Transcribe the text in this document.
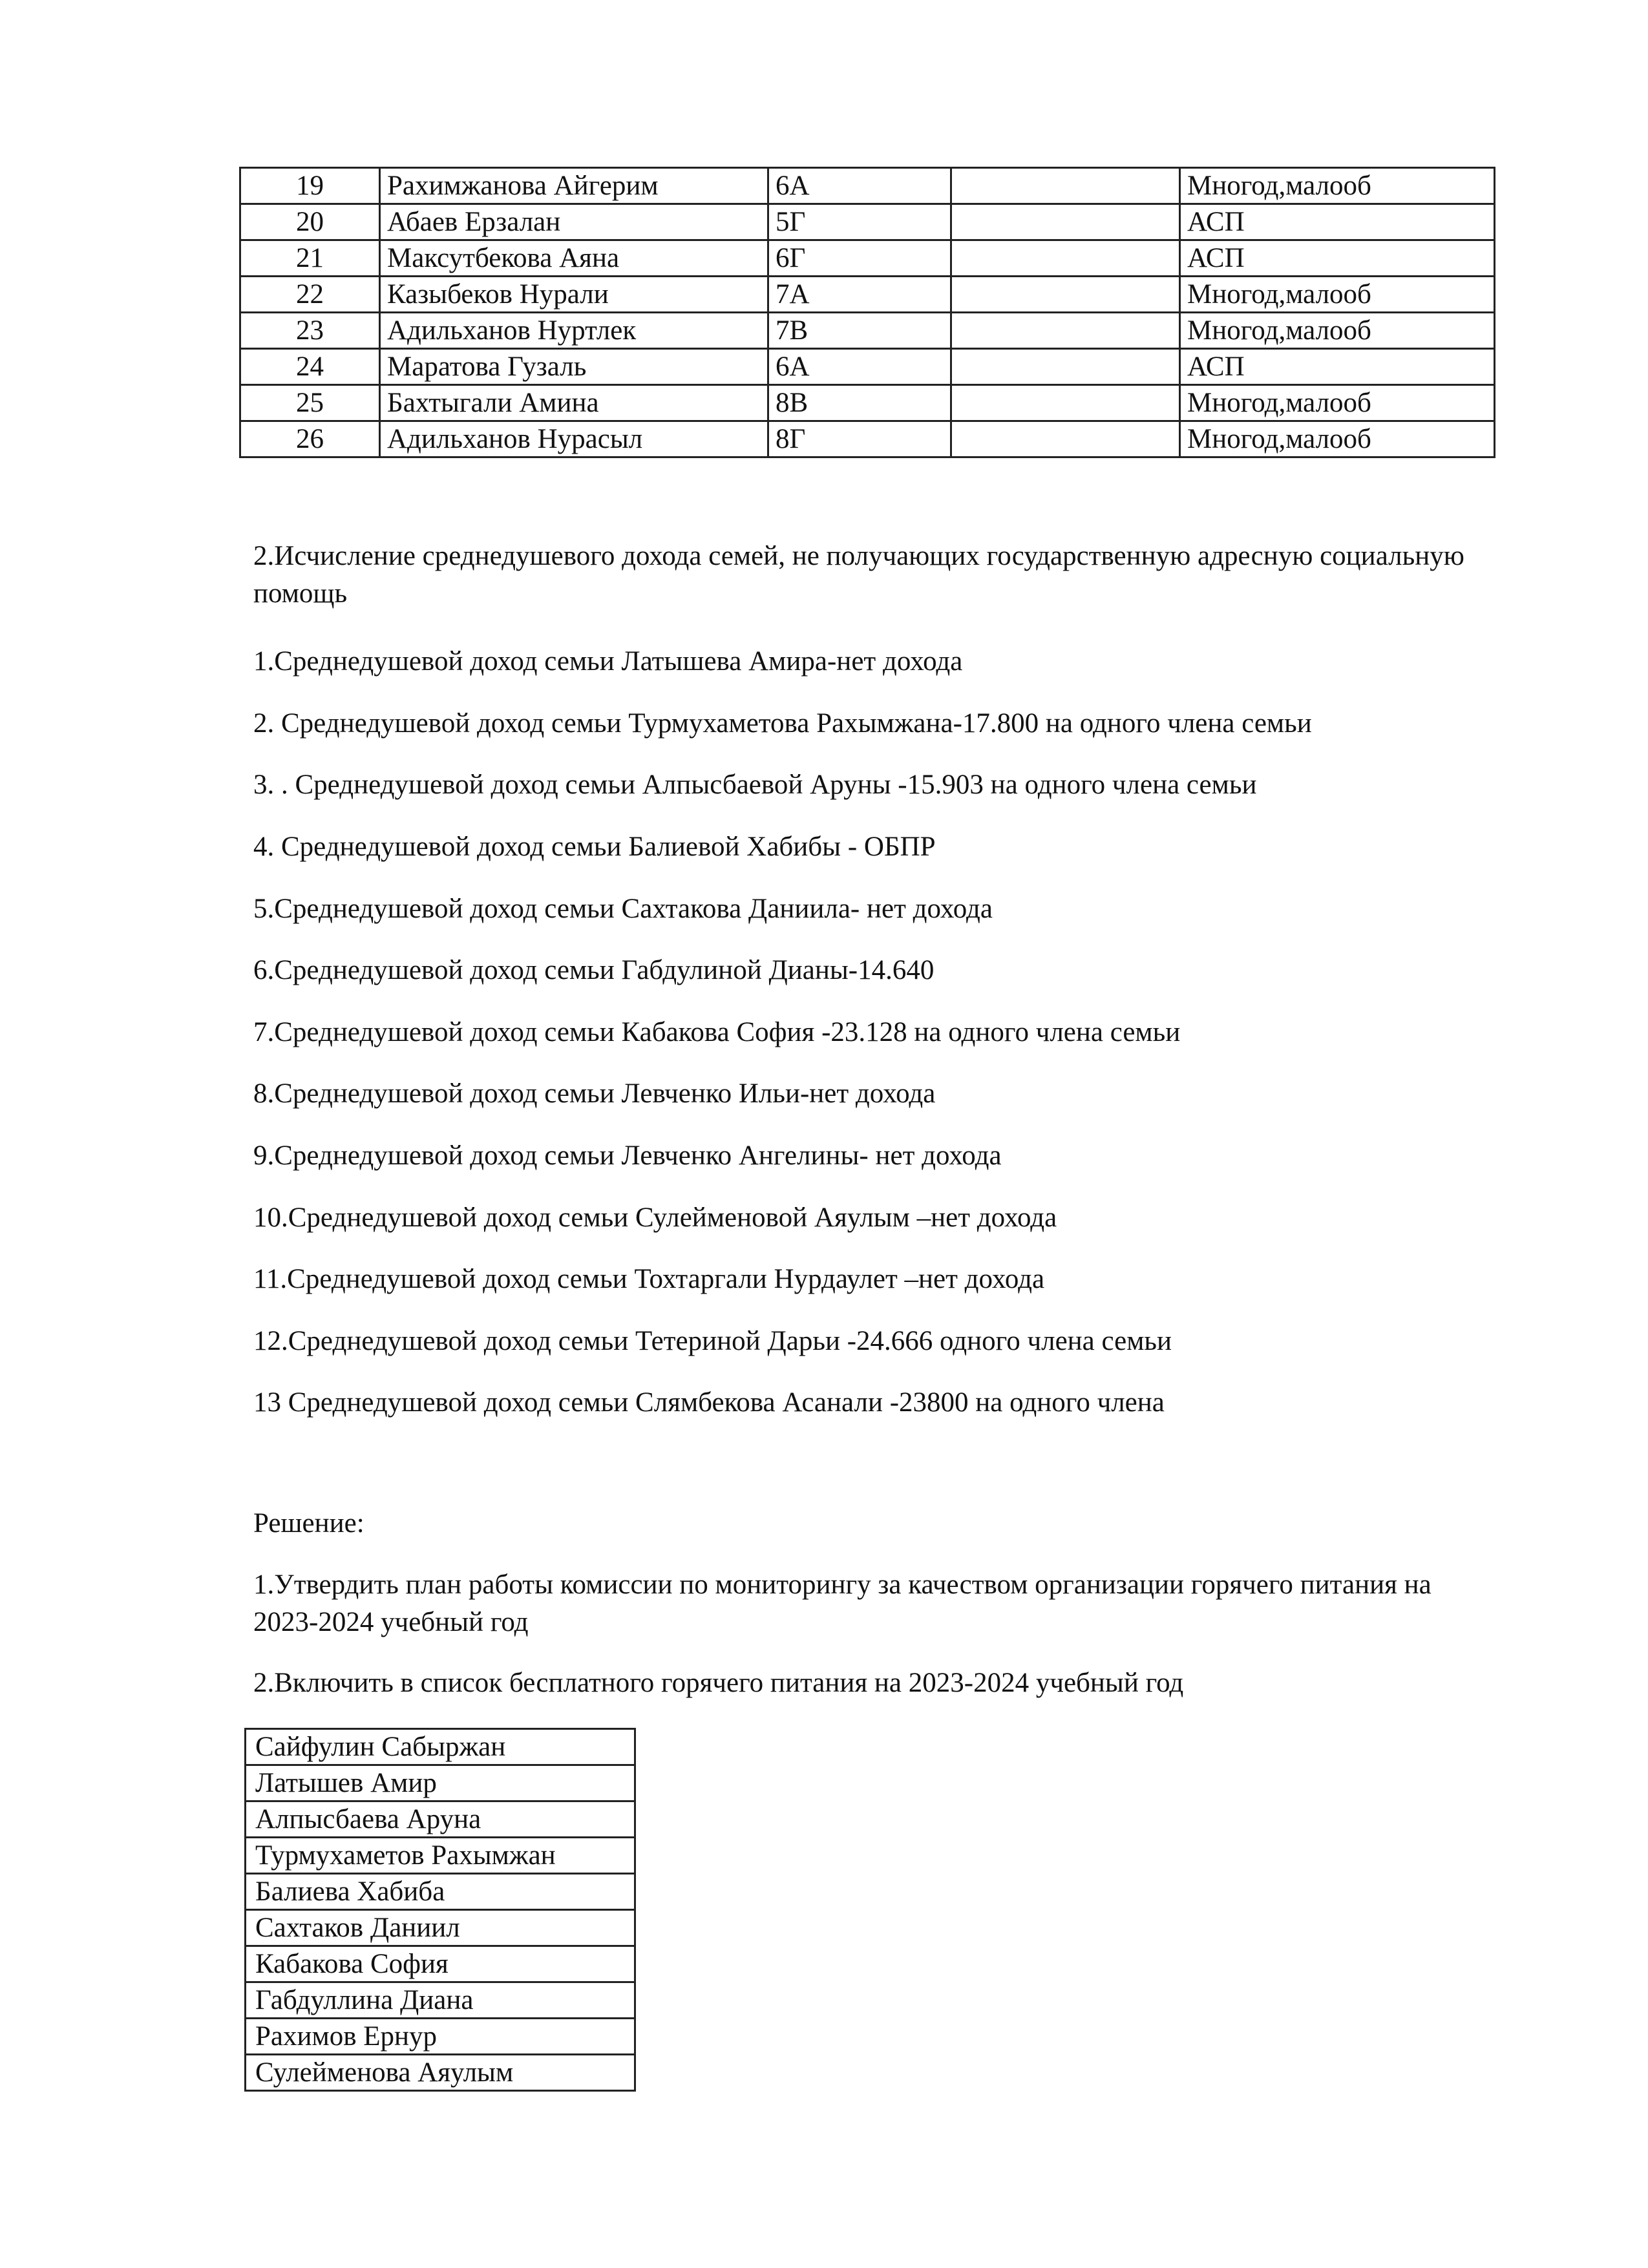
19	Рахимжанова Айгерим	6А		Многод,малооб
20	Абаев Ерзалан	5Г		АСП
21	Максутбекова Аяна	6Г		АСП
22	Казыбеков Нурали	7А		Многод,малооб
23	Адильханов Нуртлек	7В		Многод,малооб
24	Маратова Гузаль	6А		АСП
25	Бахтыгали Амина	8В		Многод,малооб
26	Адильханов Нурасыл	8Г		Многод,малооб

2.Исчисление среднедушевого дохода семей, не получающих государственную адресную социальную помощь

1.Среднедушевой доход семьи Латышева Амира-нет дохода

2. Среднедушевой доход семьи Турмухаметова Рахымжана-17.800 на одного члена семьи

3. . Среднедушевой доход семьи Алпысбаевой Аруны -15.903 на одного члена семьи

4. Среднедушевой доход семьи Балиевой Хабибы - ОБПР

5.Среднедушевой доход семьи Сахтакова Даниила- нет дохода

6.Среднедушевой доход семьи Габдулиной Дианы-14.640

7.Среднедушевой доход семьи Кабакова София -23.128 на одного члена семьи

8.Среднедушевой доход семьи Левченко Ильи-нет дохода

9.Среднедушевой доход семьи Левченко Ангелины- нет дохода

10.Среднедушевой доход семьи Сулейменовой Аяулым –нет дохода

11.Среднедушевой доход семьи Тохтаргали Нурдаулет –нет дохода

12.Среднедушевой доход семьи Тетериной Дарьи -24.666 одного члена семьи

13 Среднедушевой доход семьи Слямбекова Асанали -23800 на одного члена

Решение:

1.Утвердить план работы комиссии по мониторингу за качеством организации горячего питания на 2023-2024 учебный год

2.Включить в список бесплатного горячего питания на 2023-2024 учебный год

Сайфулин Сабыржан
Латышев Амир
Алпысбаева Аруна
Турмухаметов Рахымжан
Балиева Хабиба
Сахтаков Даниил
Кабакова София
Габдуллина Диана
Рахимов Ернур
Сулейменова Аяулым
